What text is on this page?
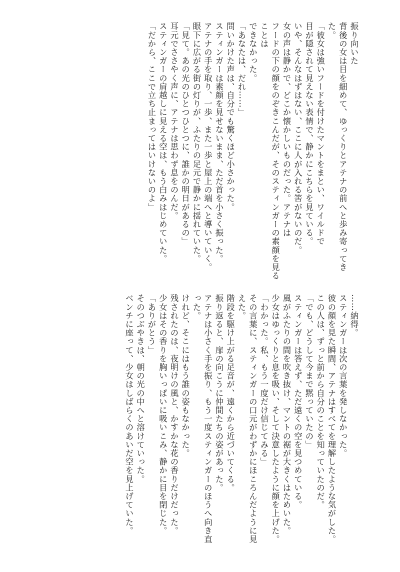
振り向いた

背後の女は目を細めて、ゆっくりとアテナの前へと歩み寄ってきた。

「彼女は強いフードを付けたマントをまとい、ワイルドで

目が隠されて見えない表情で、静かにこちらを見ている。

いや、そんなはずはない、ここに人が入れる筈がないのだ。

女の声は静かで、どこか懐かしいものだった。アテナは

フードの下の顔をのぞきこんだが、そのスティンガーの素顔を見ることは

できなかった。

「あなたは、だれ……」

問いかけた声は、自分でも驚くほど小さかった。

スティンガーは素顔を見せないまま、ただ首を小さく振った。

アテナの手を取り、一歩、また一歩と屋上の端へと導いていく。

眼下に広がる街の灯りが、ふたりの足元で静かに揺れていた。

「見て。あの光のひとつひとつに、誰かの明日があるの」

耳元でささやく声に、アテナは思わず息をのんだ。

スティンガーの肩越しに見える空は、もう白みはじめていた。

「だから、ここで立ち止まってはいけないのよ」

……納得。

スティンガーは次の言葉を発しなかった。

彼の顔を見た瞬間、アテナはすべてを理解したような気がした。

この人は、ずっと前から自分のことを知っていたのだ。

「でも、どうして今まで黙っていたの」

スティンガーは答えず、ただ遠くの空を見つめている。

風がふたりの間を吹き抜け、マントの裾が大きくはためいた。

少女はゆっくりと息を吸い、そして決意したように顔を上げた。

「わかった。私、もう一度だけ信じてみる」

その言葉に、スティンガーの口元がわずかにほころんだように見えた。

階段を駆け上がる足音が、遠くから近づいてくる。

振り返ると、扉の向こうに仲間たちの姿があった。

アテナは小さく手を振り、もう一度スティンガーのほうへ向き直った。

けれど、そこにはもう誰の姿もなかった。

残されたのは、夜明けの風と、かすかな花の香りだけだった。

少女はその香りを胸いっぱいに吸いこみ、静かに目を閉じた。

「ありがとう」

そのつぶやきは、朝の光の中へと溶けていった。

ベンチに座って、少女はしばらくのあいだ空を見上げていた。
